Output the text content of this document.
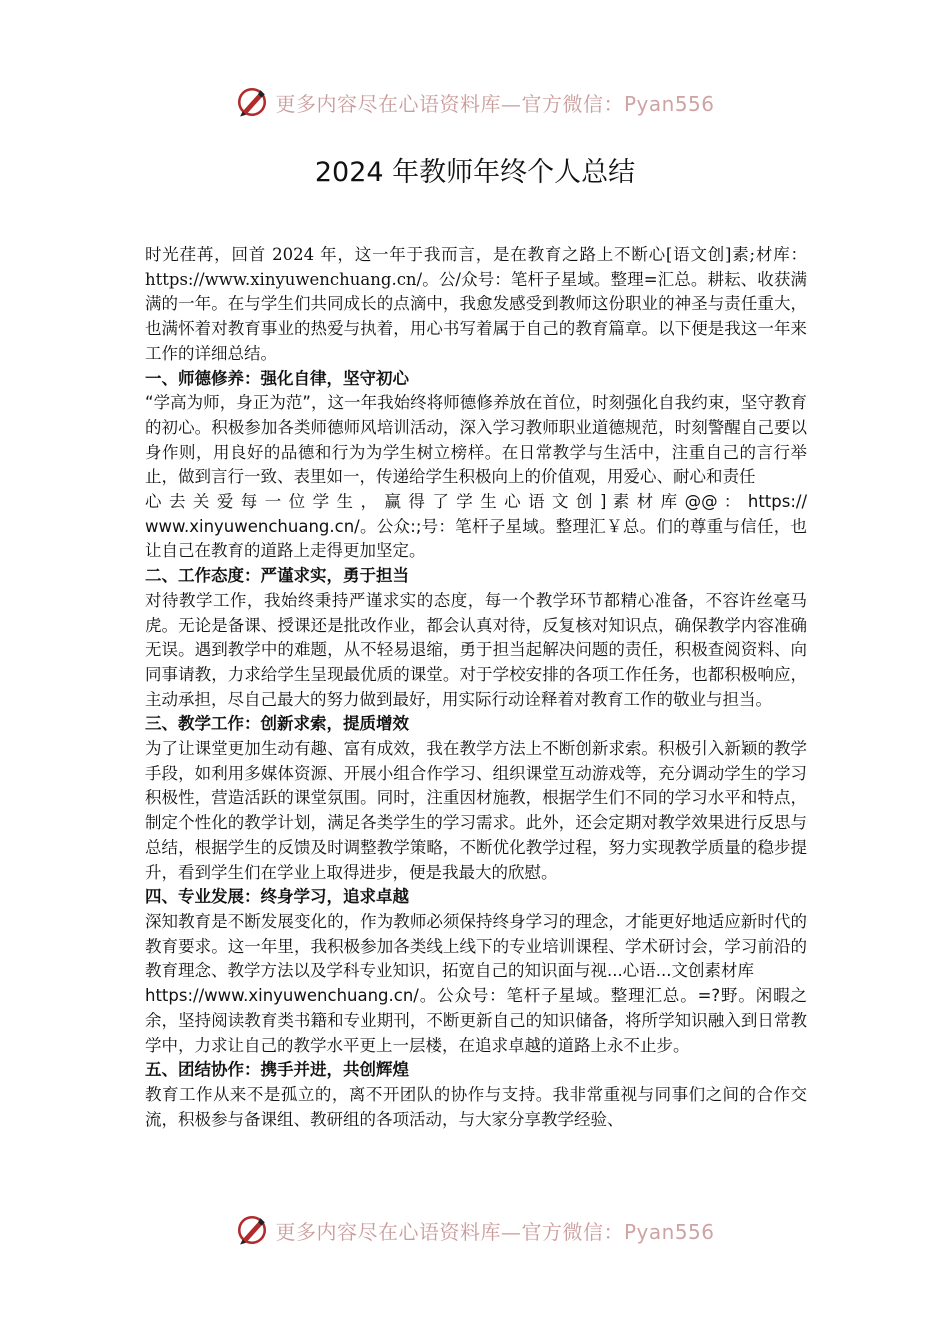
更多内容尽在心语资料库—官方微信：Pyan556
2024 年教师年终个人总结

时光荏苒，回首 2024 年，这一年于我而言，是在教育之路上不断心[语文创]素;材库：https://www.xinyuwenchuang.cn/。公/众号：笔杆子星域。整理=汇总。耕耘、收获满满的一年。在与学生们共同成长的点滴中，我愈发感受到教师这份职业的神圣与责任重大，也满怀着对教育事业的热爱与执着，用心书写着属于自己的教育篇章。以下便是我这一年来工作的详细总结。

一、师德修养：强化自律，坚守初心

“学高为师，身正为范”，这一年我始终将师德修养放在首位，时刻强化自我约束，坚守教育的初心。积极参加各类师德师风培训活动，深入学习教师职业道德规范，时刻警醒自己要以身作则，用良好的品德和行为为学生树立榜样。在日常教学与生活中，注重自己的言行举止，做到言行一致、表里如一，传递给学生积极向上的价值观，用爱心、耐心和责任

心 去 关 爱 每 一 位 学 生 ， 赢 得 了 学 生 心 语 文 创 ] 素 材 库 @@ ： https://

www.xinyuwenchuang.cn/。公众:;号：笔杆子星域。整理汇￥总。们的尊重与信任，也让自己在教育的道路上走得更加坚定。

二、工作态度：严谨求实，勇于担当

对待教学工作，我始终秉持严谨求实的态度，每一个教学环节都精心准备，不容许丝毫马虎。无论是备课、授课还是批改作业，都会认真对待，反复核对知识点，确保教学内容准确无误。遇到教学中的难题，从不轻易退缩，勇于担当起解决问题的责任，积极查阅资料、向同事请教，力求给学生呈现最优质的课堂。对于学校安排的各项工作任务，也都积极响应，主动承担，尽自己最大的努力做到最好，用实际行动诠释着对教育工作的敬业与担当。

三、教学工作：创新求索，提质增效

为了让课堂更加生动有趣、富有成效，我在教学方法上不断创新求索。积极引入新颖的教学手段，如利用多媒体资源、开展小组合作学习、组织课堂互动游戏等，充分调动学生的学习积极性，营造活跃的课堂氛围。同时，注重因材施教，根据学生们不同的学习水平和特点，制定个性化的教学计划，满足各类学生的学习需求。此外，还会定期对教学效果进行反思与总结，根据学生的反馈及时调整教学策略，不断优化教学过程，努力实现教学质量的稳步提升，看到学生们在学业上取得进步，便是我最大的欣慰。

四、专业发展：终身学习，追求卓越

深知教育是不断发展变化的，作为教师必须保持终身学习的理念，才能更好地适应新时代的教育要求。这一年里，我积极参加各类线上线下的专业培训课程、学术研讨会，学习前沿的教育理念、教学方法以及学科专业知识，拓宽自己的知识面与视...心语...文创素材库

https://www.xinyuwenchuang.cn/。公众号：笔杆子星域。整理汇总。=?野。闲暇之余，坚持阅读教育类书籍和专业期刊，不断更新自己的知识储备，将所学知识融入到日常教学中，力求让自己的教学水平更上一层楼，在追求卓越的道路上永不止步。

五、团结协作：携手并进，共创辉煌

教育工作从来不是孤立的，离不开团队的协作与支持。我非常重视与同事们之间的合作交流，积极参与备课组、教研组的各项活动，与大家分享教学经验、

更多内容尽在心语资料库—官方微信：Pyan556
